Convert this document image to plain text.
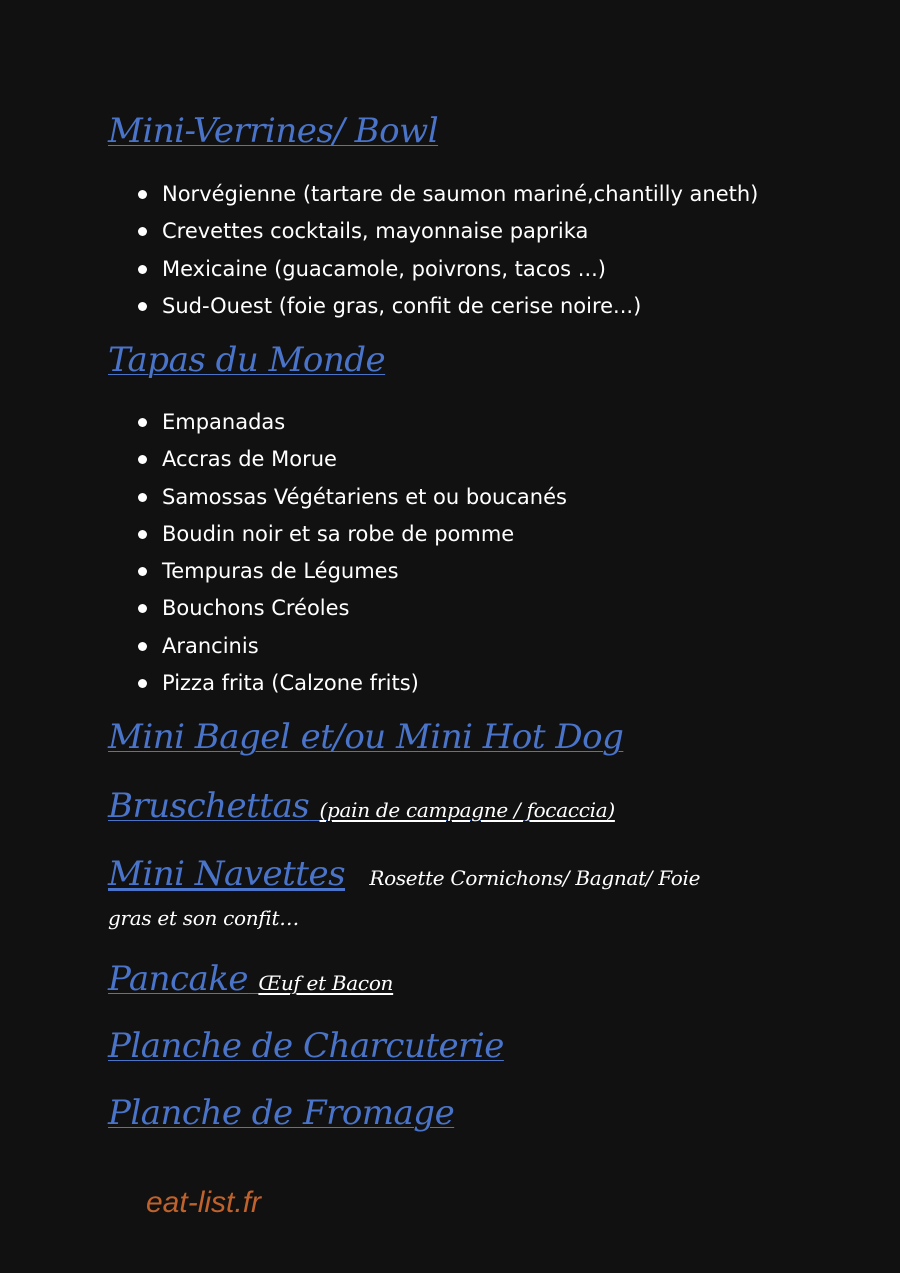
Mini-Verrines/ Bowl
Norvégienne (tartare de saumon mariné,chantilly aneth)
Crevettes cocktails, mayonnaise paprika
Mexicaine (guacamole, poivrons, tacos ...)
Sud-Ouest (foie gras, confit de cerise noire...)
Tapas du Monde
Empanadas
Accras de Morue
Samossas Végétariens et ou boucanés
Boudin noir et sa robe de pomme
Tempuras de Légumes
Bouchons Créoles
Arancinis
Pizza frita (Calzone frits)
Mini Bagel et/ou Mini Hot Dog
Bruschettas (pain de campagne / focaccia)
Mini Navettes Rosette Cornichons/ Bagnat/ Foie

gras et son confit…

Pancake Œuf et Bacon
Planche de Charcuterie
Planche de Fromage

eat-list.fr
